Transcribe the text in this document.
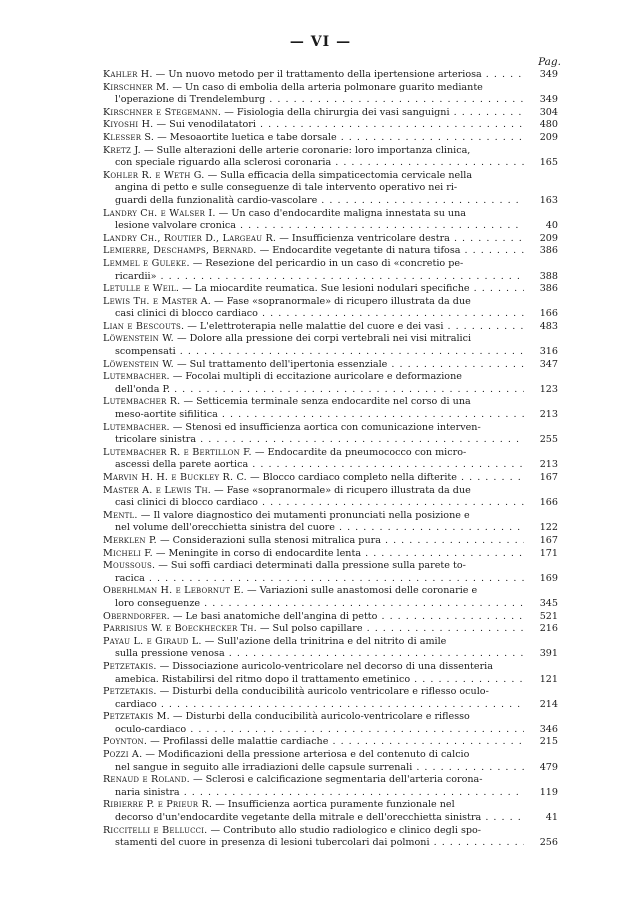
— VI —
Pag.
Kahler H. — Un nuovo metodo per il trattamento della ipertensione arteriosa . . .	349
Kirschner M. — Un caso di embolia della arteria polmonare guarito mediante
l'operazione di Trendelemburg . . .	349
Kirschner e Stegemann. — Fisiologia della chirurgia dei vasi sanguigni . . .	304
Kiyoshi H. — Sui venodilatatori . . .	480
Klesser S. — Mesoaortite luetica e tabe dorsale . . .	209
Kretz J. — Sulle alterazioni delle arterie coronarie: loro importanza clinica,
con speciale riguardo alla sclerosi coronaria . . .	165
Kohler R. e Weth G. — Sulla efficacia della simpaticectomia cervicale nella
angina di petto e sulle conseguenze di tale intervento operativo nei ri-
guardi della funzionalità cardio-vascolare . . .	163
Landry Ch. e Walser I. — Un caso d'endocardite maligna innestata su una
lesione valvolare cronica . . .	40
Landry Ch., Routier D., Largeau R. — Insufficienza ventricolare destra . . .	209
Lemierre, Deschamps, Bernard. — Endocardite vegetante di natura tifosa . . .	386
Lemmel e Guleke. — Resezione del pericardio in un caso di «concretio pe-
ricardii» . . .	388
Letulle e Weil. — La miocardite reumatica. Sue lesioni nodulari specifiche . . .	386
Lewis Th. e Master A. — Fase «sopranormale» di ricupero illustrata da due
casi clinici di blocco cardiaco . . .	166
Lian e Bescouts. — L'elettroterapia nelle malattie del cuore e dei vasi . . .	483
Löwenstein W. — Dolore alla pressione dei corpi vertebrali nei visi mitralici
scompensati . . .	316
Löwenstein W. — Sul trattamento dell'ipertonia essenziale . . .	347
Lutembacher. — Focolai multipli di eccitazione auricolare e deformazione
dell'onda P. . . .	123
Lutembacher R. — Setticemia terminale senza endocardite nel corso di una
meso-aortite sifilitica . . .	213
Lutembacher. — Stenosi ed insufficienza aortica con comunicazione interven-
tricolare sinistra . . .	255
Lutembacher R. e Bertillon F. — Endocardite da pneumococco con micro-
ascessi della parete aortica . . .	213
Marvin H. H. e Buckley R. C. — Blocco cardiaco completo nella difterite . . .	167
Master A. e Lewis Th. — Fase «sopranormale» di ricupero illustrata da due
casi clinici di blocco cardiaco . . .	166
Mentl. — Il valore diagnostico dei mutamenti pronunciati nella posizione e
nel volume dell'orecchietta sinistra del cuore . . .	122
Merklen P. — Considerazioni sulla stenosi mitralica pura . . .	167
Micheli F. — Meningite in corso di endocardite lenta . . .	171
Moussous. — Sui soffi cardiaci determinati dalla pressione sulla parete to-
racica . . .	169
Oberhlman H. e Lebornut E. — Variazioni sulle anastomosi delle coronarie e
loro conseguenze . . .	345
Oberndorfer. — Le basi anatomiche dell'angina di petto . . .	521
Parrisius W. e Boeckhecker Th. — Sul polso capillare . . .	216
Payau L. e Giraud L. — Sull'azione della trinitrina e del nitrito di amile
sulla pressione venosa . . .	391
Petzetakis. — Dissociazione auricolo-ventricolare nel decorso di una dissenteria
amebica. Ristabilirsi del ritmo dopo il trattamento emetinico . . .	121
Petzetakis. — Disturbi della conducibilità auricolo ventricolare e riflesso oculo-
cardiaco . . .	214
Petzetakis M. — Disturbi della conducibilità auricolo-ventricolare e riflesso
oculo-cardiaco . . .	346
Poynton. — Profilassi delle malattie cardiache . . .	215
Pozzi A. — Modificazioni della pressione arteriosa e del contenuto di calcio
nel sangue in seguito alle irradiazioni delle capsule surrenali . . .	479
Renaud e Roland. — Sclerosi e calcificazione segmentaria dell'arteria corona-
naria sinistra . . .	119
Ribierre P. e Prieur R. — Insufficienza aortica puramente funzionale nel
decorso d'un'endocardite vegetante della mitrale e dell'orecchietta sinistra . . .	41
Riccitelli e Bellucci. — Contributo allo studio radiologico e clinico degli spo-
stamenti del cuore in presenza di lesioni tubercolari dai polmoni . . .	256
